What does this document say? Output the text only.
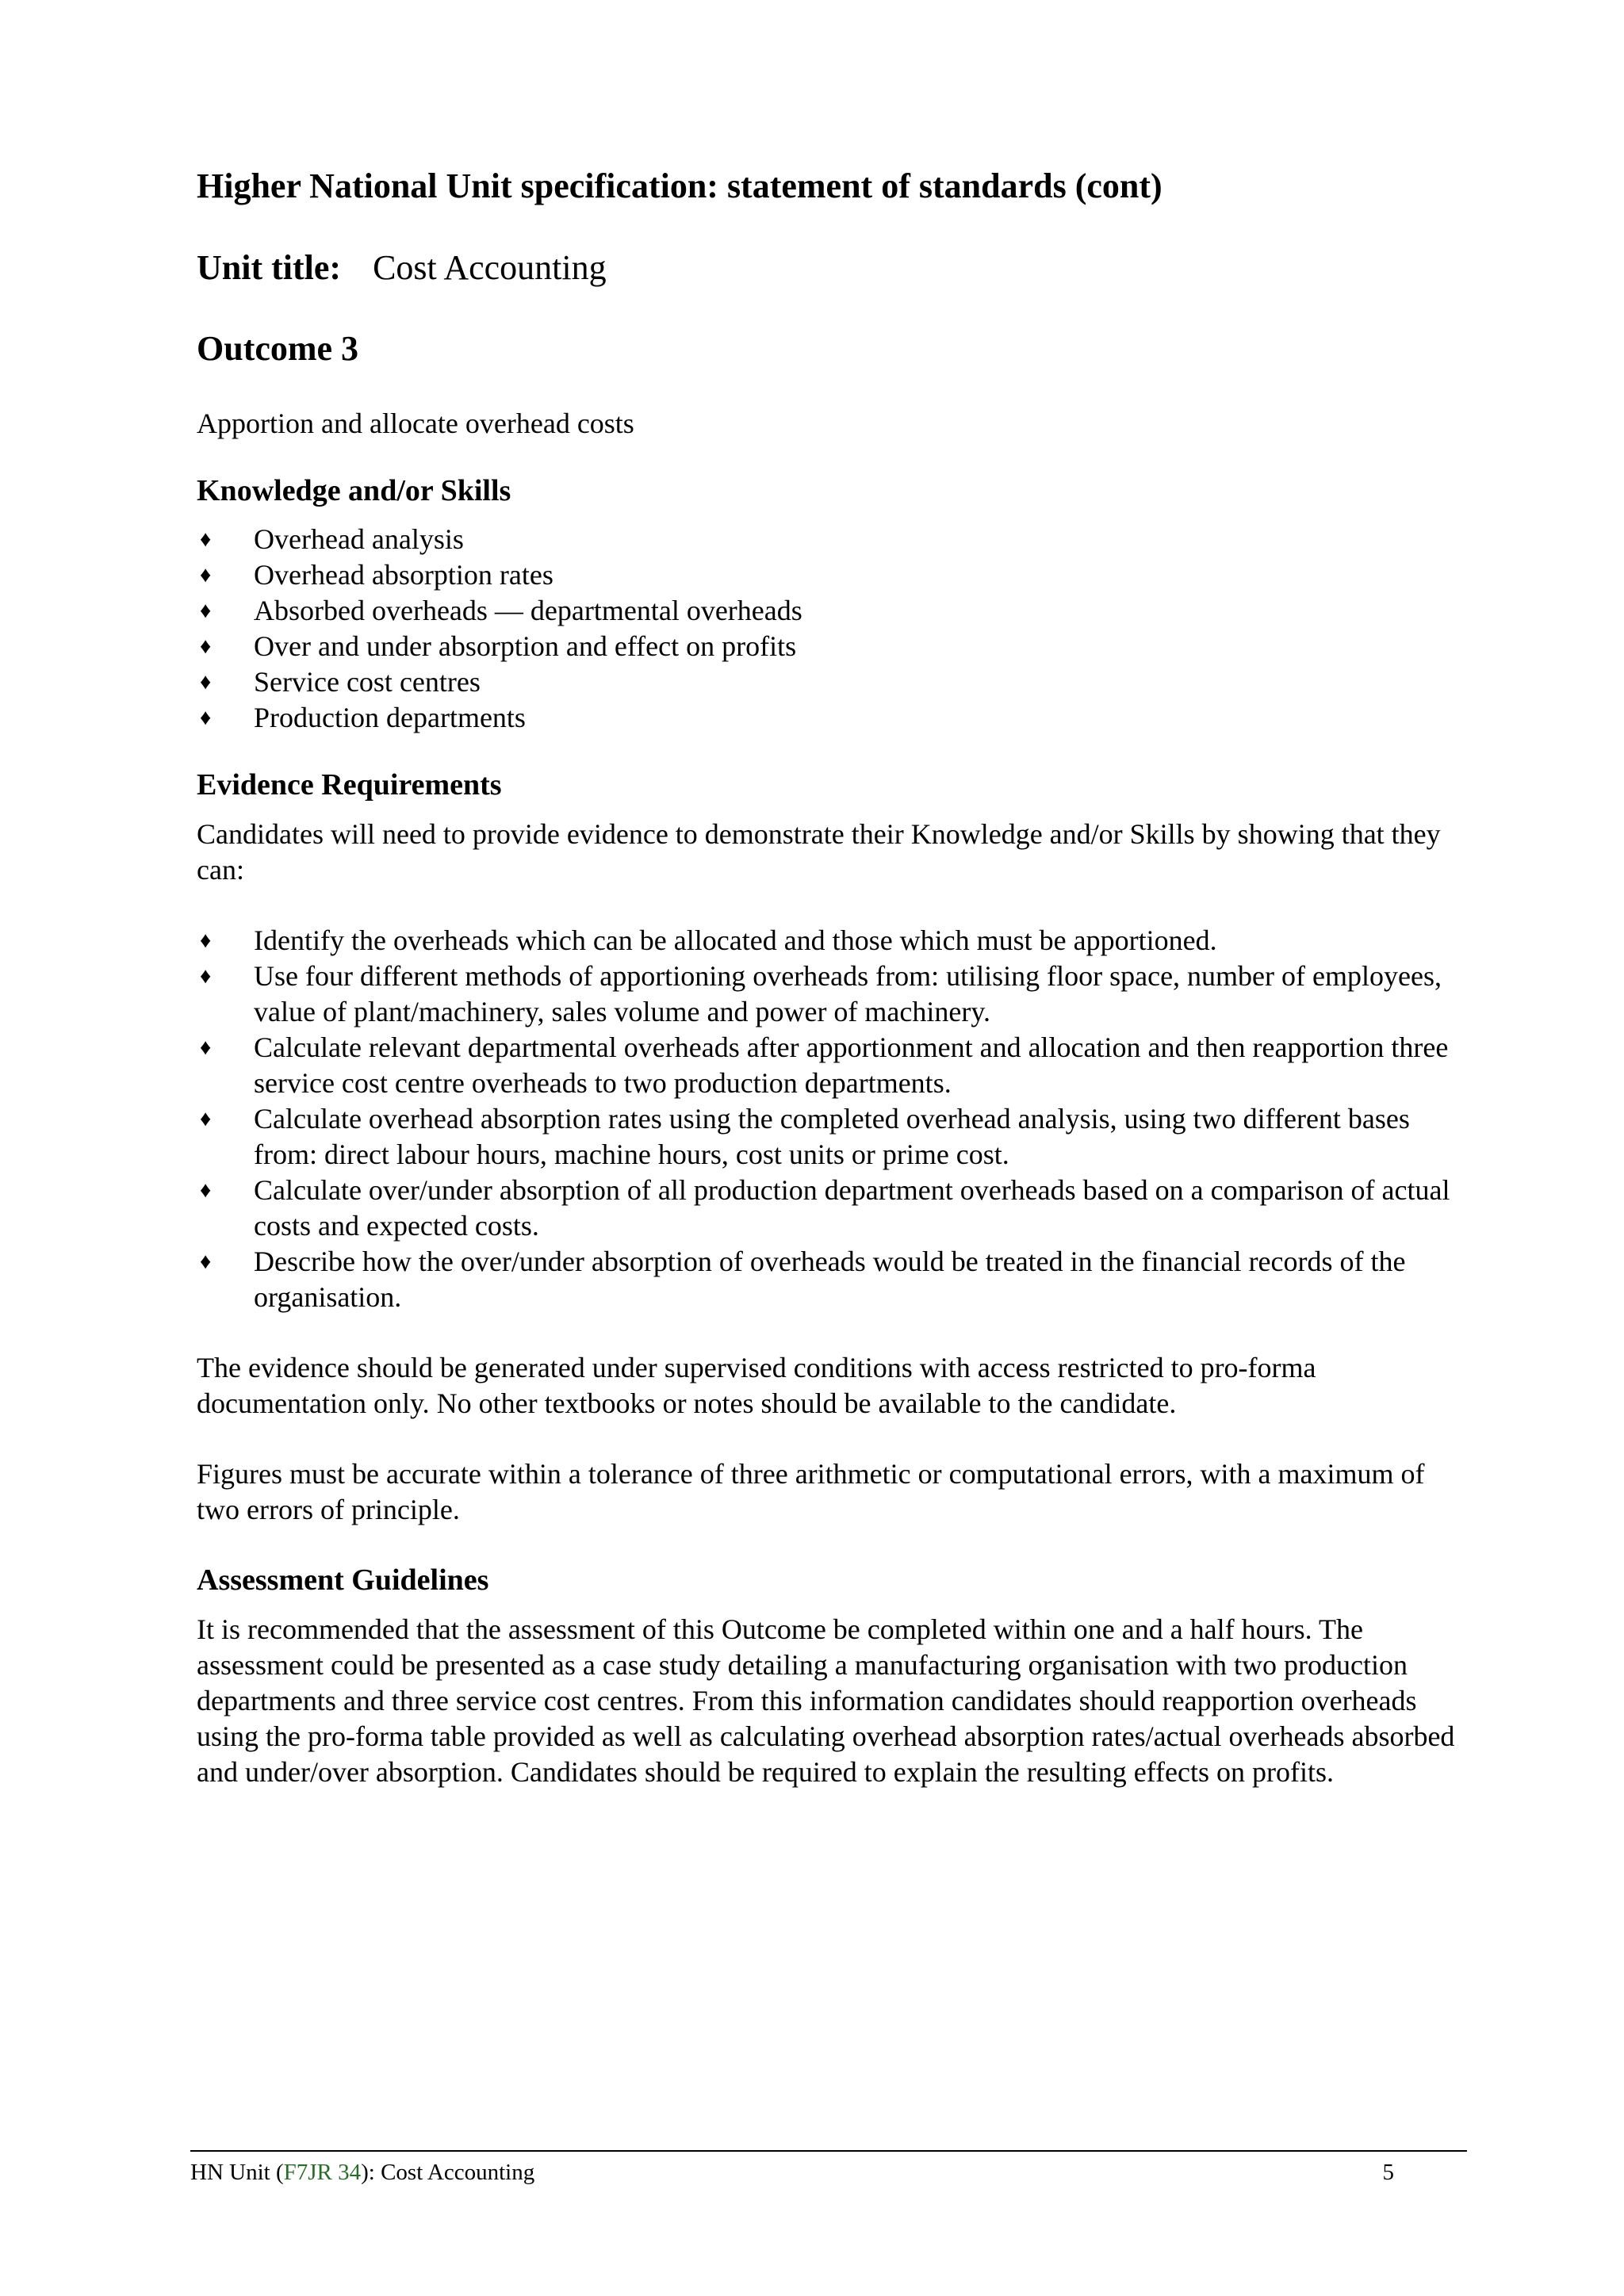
Higher National Unit specification: statement of standards (cont)
Unit title: Cost Accounting
Outcome 3

Apportion and allocate overhead costs

Knowledge and/or Skills
♦ Overhead analysis
♦ Overhead absorption rates
♦ Absorbed overheads — departmental overheads
♦ Over and under absorption and effect on profits
♦ Service cost centres
♦ Production departments
Evidence Requirements

Candidates will need to provide evidence to demonstrate their Knowledge and/or Skills by showing that they can:

♦ Identify the overheads which can be allocated and those which must be apportioned.
♦ Use four different methods of apportioning overheads from: utilising floor space, number of employees, value of plant/machinery, sales volume and power of machinery.
♦ Calculate relevant departmental overheads after apportionment and allocation and then reapportion three service cost centre overheads to two production departments.
♦ Calculate overhead absorption rates using the completed overhead analysis, using two different bases from: direct labour hours, machine hours, cost units or prime cost.
♦ Calculate over/under absorption of all production department overheads based on a comparison of actual costs and expected costs.
♦ Describe how the over/under absorption of overheads would be treated in the financial records of the organisation.

The evidence should be generated under supervised conditions with access restricted to pro-forma documentation only. No other textbooks or notes should be available to the candidate.

Figures must be accurate within a tolerance of three arithmetic or computational errors, with a maximum of two errors of principle.

Assessment Guidelines

It is recommended that the assessment of this Outcome be completed within one and a half hours. The assessment could be presented as a case study detailing a manufacturing organisation with two production departments and three service cost centres. From this information candidates should reapportion overheads using the pro-forma table provided as well as calculating overhead absorption rates/actual overheads absorbed and under/over absorption. Candidates should be required to explain the resulting effects on profits.

HN Unit (F7JR 34): Cost Accounting	5
